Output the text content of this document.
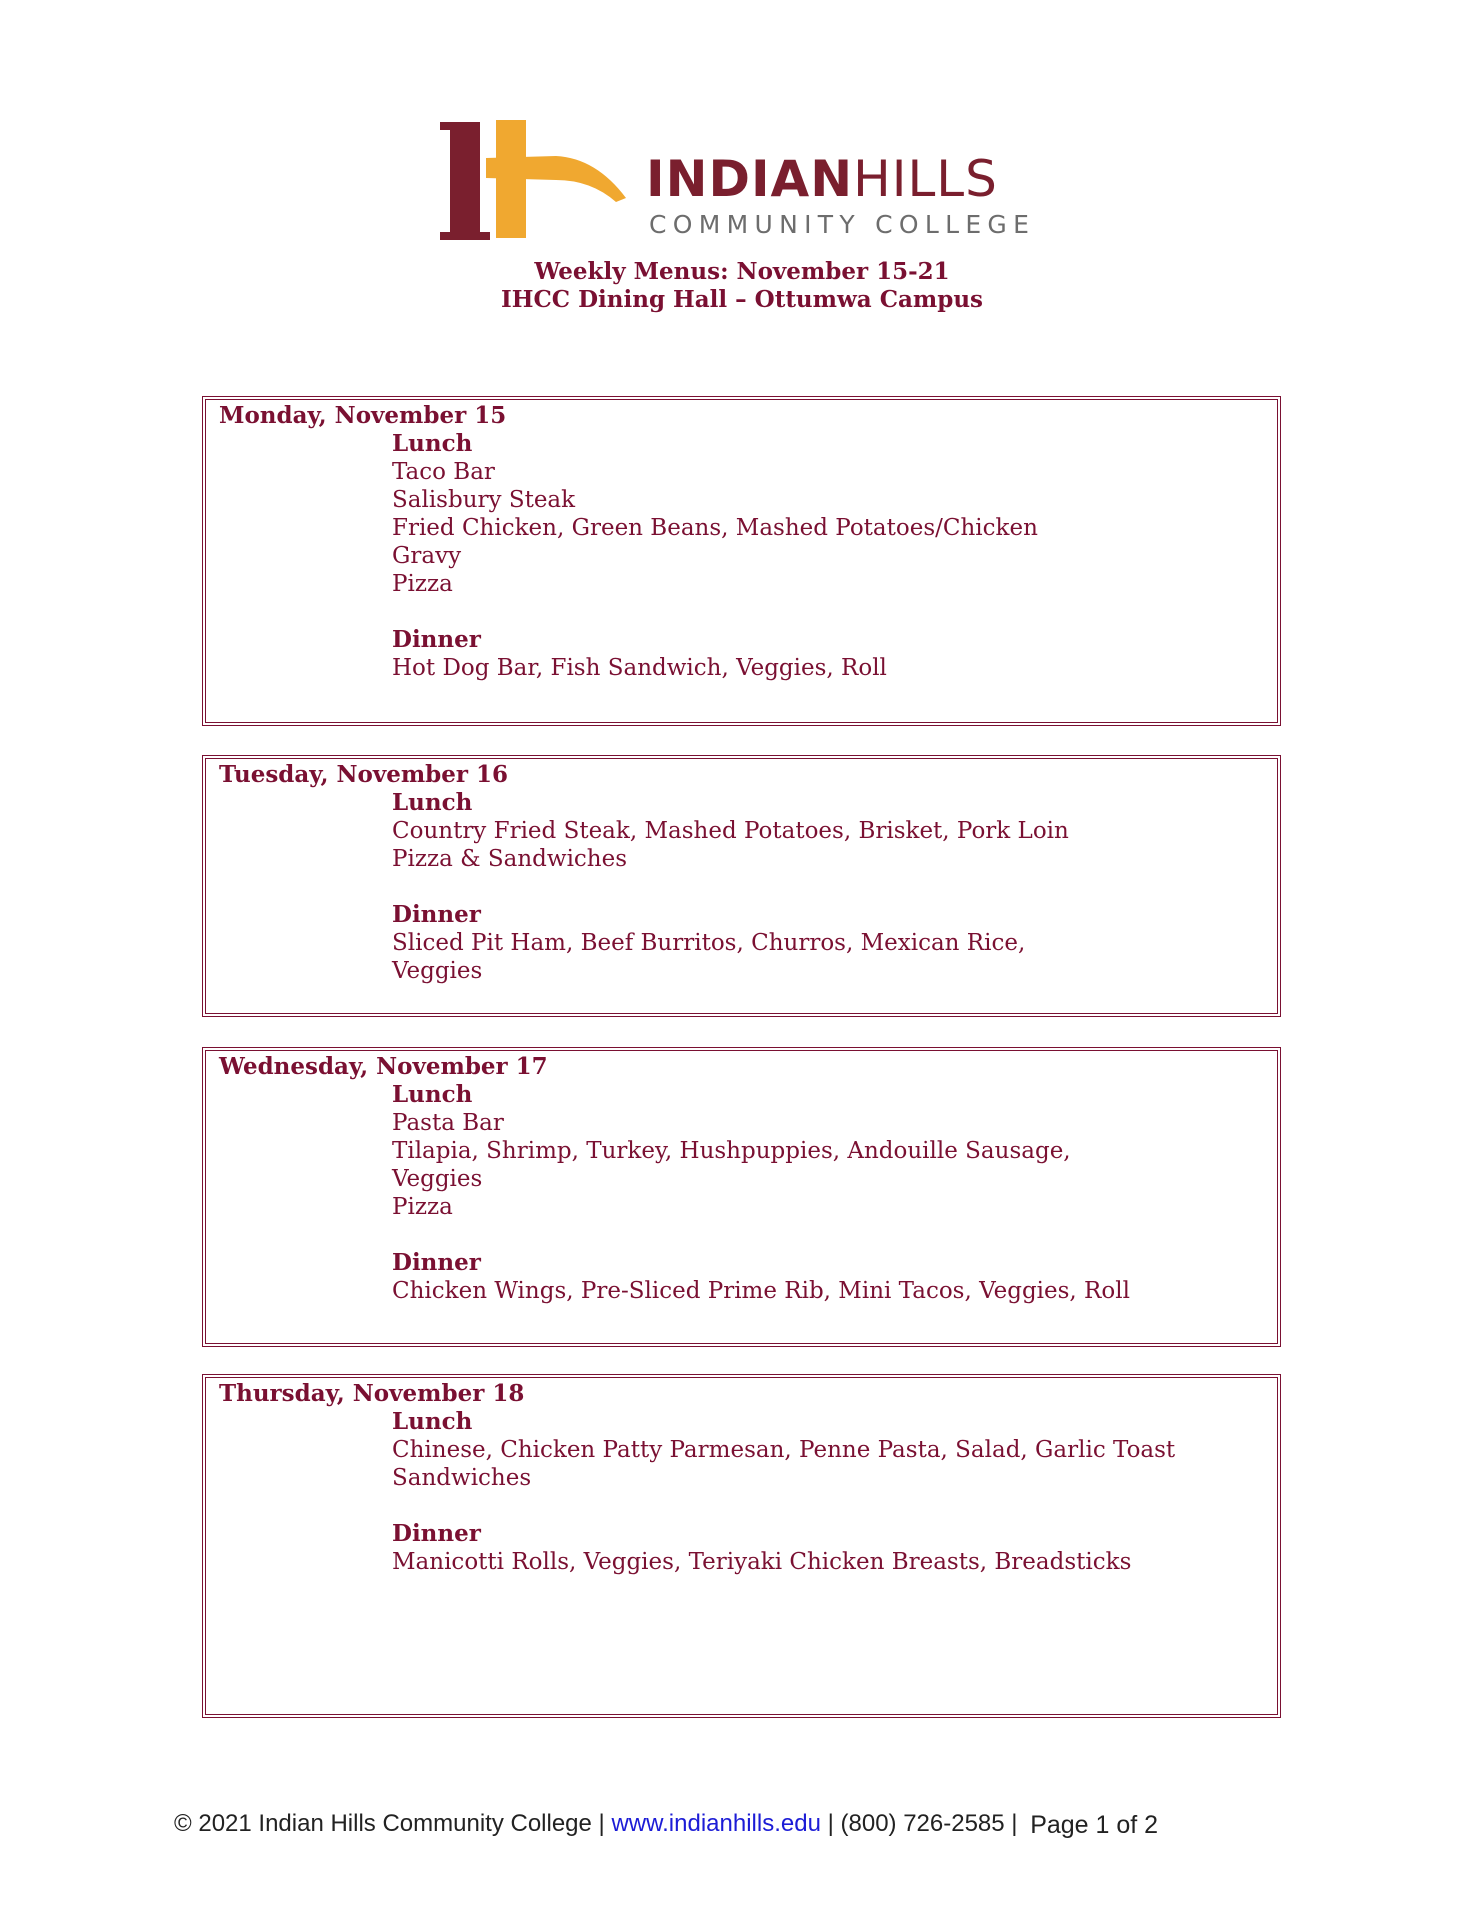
INDIANHILLS
COMMUNITY COLLEGE
Weekly Menus: November 15-21
IHCC Dining Hall – Ottumwa Campus
Monday, November 15
Lunch
Taco Bar
Salisbury Steak
Fried Chicken, Green Beans, Mashed Potatoes/Chicken
Gravy
Pizza
Dinner
Hot Dog Bar, Fish Sandwich, Veggies, Roll
Tuesday, November 16
Lunch
Country Fried Steak, Mashed Potatoes, Brisket, Pork Loin
Pizza & Sandwiches
Dinner
Sliced Pit Ham, Beef Burritos, Churros, Mexican Rice,
Veggies
Wednesday, November 17
Lunch
Pasta Bar
Tilapia, Shrimp, Turkey, Hushpuppies, Andouille Sausage,
Veggies
Pizza
Dinner
Chicken Wings, Pre-Sliced Prime Rib, Mini Tacos, Veggies, Roll
Thursday, November 18
Lunch
Chinese, Chicken Patty Parmesan, Penne Pasta, Salad, Garlic Toast
Sandwiches
Dinner
Manicotti Rolls, Veggies, Teriyaki Chicken Breasts, Breadsticks
© 2021 Indian Hills Community College | www.indianhills.edu | (800) 726-2585 | Page 1 of 2
